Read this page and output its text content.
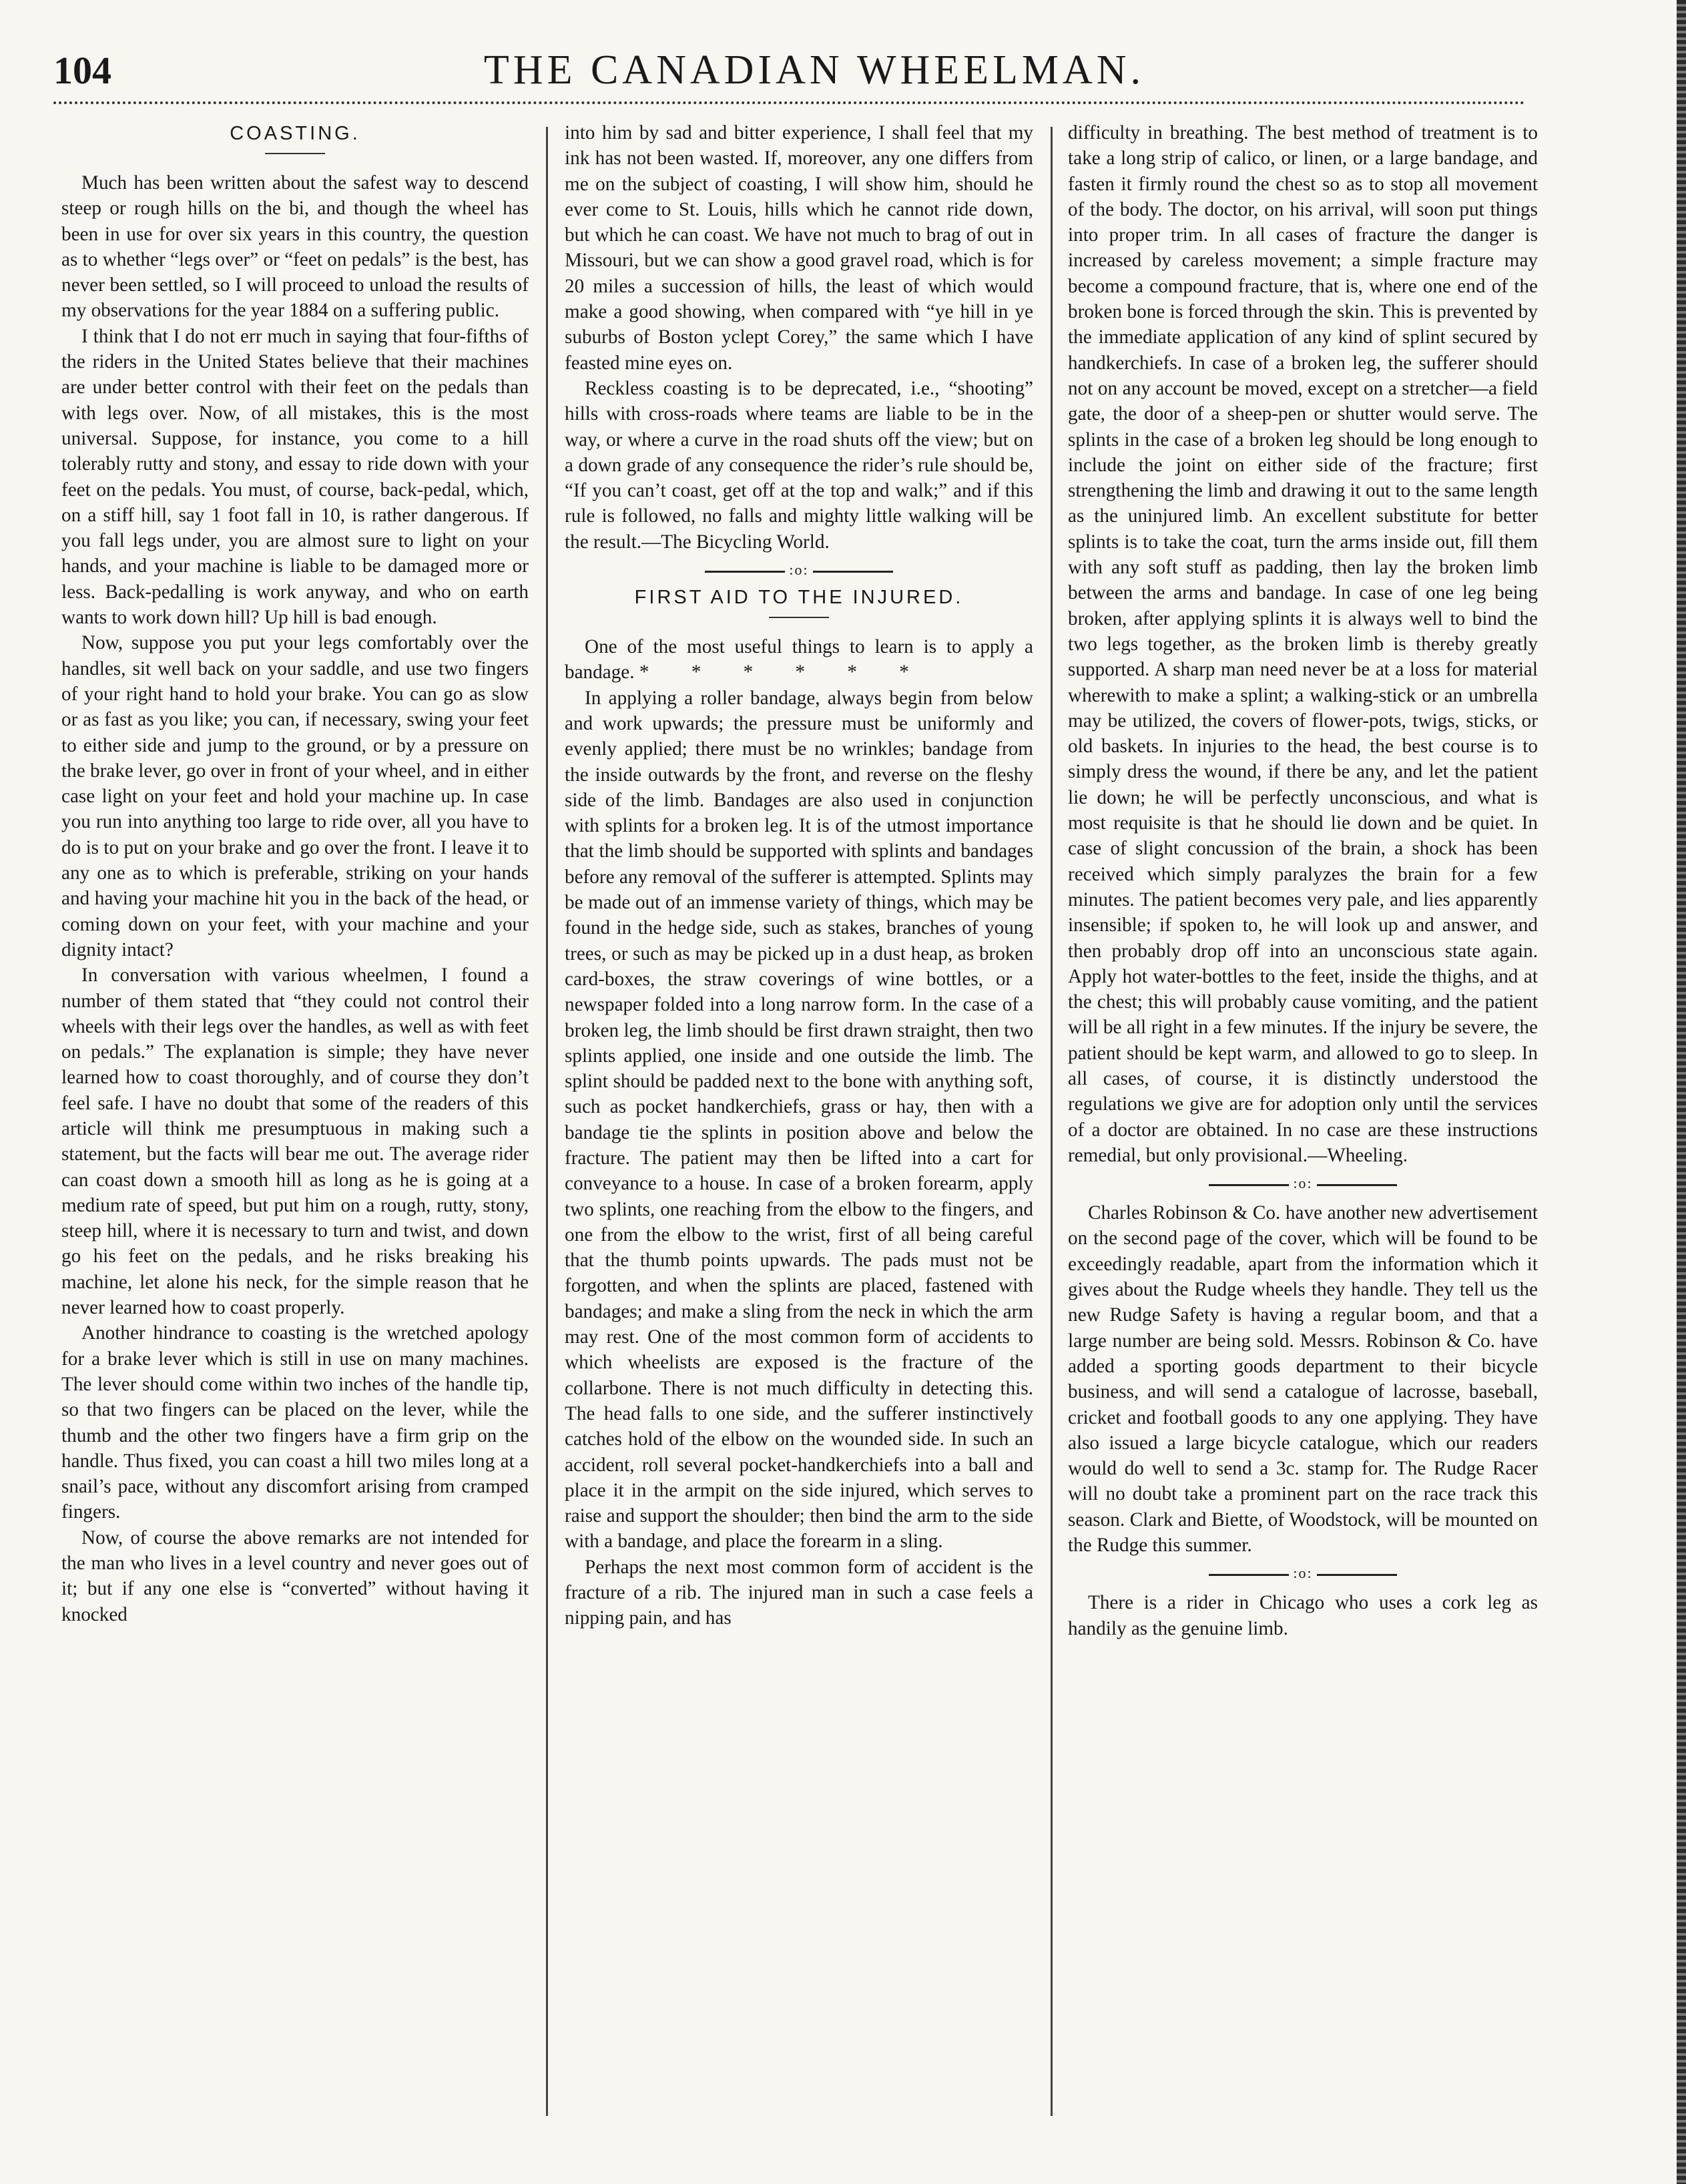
104	THE CANADIAN WHEELMAN.
COASTING.

Much has been written about the safest way to descend steep or rough hills on the bi, and though the wheel has been in use for over six years in this country, the question as to whether “legs over” or “feet on pedals” is the best, has never been settled, so I will proceed to unload the results of my observations for the year 1884 on a suffering public.

I think that I do not err much in saying that four-fifths of the riders in the United States believe that their machines are under better control with their feet on the pedals than with legs over. Now, of all mistakes, this is the most universal. Suppose, for instance, you come to a hill tolerably rutty and stony, and essay to ride down with your feet on the pedals. You must, of course, back-pedal, which, on a stiff hill, say 1 foot fall in 10, is rather dangerous. If you fall legs under, you are almost sure to light on your hands, and your machine is liable to be damaged more or less. Back-pedalling is work anyway, and who on earth wants to work down hill? Up hill is bad enough.

Now, suppose you put your legs comfortably over the handles, sit well back on your saddle, and use two fingers of your right hand to hold your brake. You can go as slow or as fast as you like; you can, if necessary, swing your feet to either side and jump to the ground, or by a pressure on the brake lever, go over in front of your wheel, and in either case light on your feet and hold your machine up. In case you run into anything too large to ride over, all you have to do is to put on your brake and go over the front. I leave it to any one as to which is preferable, striking on your hands and having your machine hit you in the back of the head, or coming down on your feet, with your machine and your dignity intact?

In conversation with various wheelmen, I found a number of them stated that “they could not control their wheels with their legs over the handles, as well as with feet on pedals.” The explanation is simple; they have never learned how to coast thoroughly, and of course they don’t feel safe. I have no doubt that some of the readers of this article will think me presumptuous in making such a statement, but the facts will bear me out. The average rider can coast down a smooth hill as long as he is going at a medium rate of speed, but put him on a rough, rutty, stony, steep hill, where it is necessary to turn and twist, and down go his feet on the pedals, and he risks breaking his machine, let alone his neck, for the simple reason that he never learned how to coast properly.

Another hindrance to coasting is the wretched apology for a brake lever which is still in use on many machines. The lever should come within two inches of the handle tip, so that two fingers can be placed on the lever, while the thumb and the other two fingers have a firm grip on the handle. Thus fixed, you can coast a hill two miles long at a snail’s pace, without any discomfort arising from cramped fingers.

Now, of course the above remarks are not intended for the man who lives in a level country and never goes out of it; but if any one else is “converted” without having it knocked

into him by sad and bitter experience, I shall feel that my ink has not been wasted. If, moreover, any one differs from me on the subject of coasting, I will show him, should he ever come to St. Louis, hills which he cannot ride down, but which he can coast. We have not much to brag of out in Missouri, but we can show a good gravel road, which is for 20 miles a succession of hills, the least of which would make a good showing, when compared with “ye hill in ye suburbs of Boston yclept Corey,” the same which I have feasted mine eyes on.

Reckless coasting is to be deprecated, i.e., “shooting” hills with cross-roads where teams are liable to be in the way, or where a curve in the road shuts off the view; but on a down grade of any consequence the rider’s rule should be, “If you can’t coast, get off at the top and walk;” and if this rule is followed, no falls and mighty little walking will be the result.—The Bicycling World.

:o:
FIRST AID TO THE INJURED.

One of the most useful things to learn is to apply a bandage. * * * * * *

In applying a roller bandage, always begin from below and work upwards; the pressure must be uniformly and evenly applied; there must be no wrinkles; bandage from the inside outwards by the front, and reverse on the fleshy side of the limb. Bandages are also used in conjunction with splints for a broken leg. It is of the utmost importance that the limb should be supported with splints and bandages before any removal of the sufferer is attempted. Splints may be made out of an immense variety of things, which may be found in the hedge side, such as stakes, branches of young trees, or such as may be picked up in a dust heap, as broken card-boxes, the straw coverings of wine bottles, or a newspaper folded into a long narrow form. In the case of a broken leg, the limb should be first drawn straight, then two splints applied, one inside and one outside the limb. The splint should be padded next to the bone with anything soft, such as pocket handkerchiefs, grass or hay, then with a bandage tie the splints in position above and below the fracture. The patient may then be lifted into a cart for conveyance to a house. In case of a broken forearm, apply two splints, one reaching from the elbow to the fingers, and one from the elbow to the wrist, first of all being careful that the thumb points upwards. The pads must not be forgotten, and when the splints are placed, fastened with bandages; and make a sling from the neck in which the arm may rest. One of the most common form of accidents to which wheelists are exposed is the fracture of the collarbone. There is not much difficulty in detecting this. The head falls to one side, and the sufferer instinctively catches hold of the elbow on the wounded side. In such an accident, roll several pocket-handkerchiefs into a ball and place it in the armpit on the side injured, which serves to raise and support the shoulder; then bind the arm to the side with a bandage, and place the forearm in a sling.

Perhaps the next most common form of accident is the fracture of a rib. The injured man in such a case feels a nipping pain, and has

difficulty in breathing. The best method of treatment is to take a long strip of calico, or linen, or a large bandage, and fasten it firmly round the chest so as to stop all movement of the body. The doctor, on his arrival, will soon put things into proper trim. In all cases of fracture the danger is increased by careless movement; a simple fracture may become a compound fracture, that is, where one end of the broken bone is forced through the skin. This is prevented by the immediate application of any kind of splint secured by handkerchiefs. In case of a broken leg, the sufferer should not on any account be moved, except on a stretcher—a field gate, the door of a sheep-pen or shutter would serve. The splints in the case of a broken leg should be long enough to include the joint on either side of the fracture; first strengthening the limb and drawing it out to the same length as the uninjured limb. An excellent substitute for better splints is to take the coat, turn the arms inside out, fill them with any soft stuff as padding, then lay the broken limb between the arms and bandage. In case of one leg being broken, after applying splints it is always well to bind the two legs together, as the broken limb is thereby greatly supported. A sharp man need never be at a loss for material wherewith to make a splint; a walking-stick or an umbrella may be utilized, the covers of flower-pots, twigs, sticks, or old baskets. In injuries to the head, the best course is to simply dress the wound, if there be any, and let the patient lie down; he will be perfectly unconscious, and what is most requisite is that he should lie down and be quiet. In case of slight concussion of the brain, a shock has been received which simply paralyzes the brain for a few minutes. The patient becomes very pale, and lies apparently insensible; if spoken to, he will look up and answer, and then probably drop off into an unconscious state again. Apply hot water-bottles to the feet, inside the thighs, and at the chest; this will probably cause vomiting, and the patient will be all right in a few minutes. If the injury be severe, the patient should be kept warm, and allowed to go to sleep. In all cases, of course, it is distinctly understood the regulations we give are for adoption only until the services of a doctor are obtained. In no case are these instructions remedial, but only provisional.—Wheeling.

:o:

Charles Robinson & Co. have another new advertisement on the second page of the cover, which will be found to be exceedingly readable, apart from the information which it gives about the Rudge wheels they handle. They tell us the new Rudge Safety is having a regular boom, and that a large number are being sold. Messrs. Robinson & Co. have added a sporting goods department to their bicycle business, and will send a catalogue of lacrosse, baseball, cricket and football goods to any one applying. They have also issued a large bicycle catalogue, which our readers would do well to send a 3c. stamp for. The Rudge Racer will no doubt take a prominent part on the race track this season. Clark and Biette, of Woodstock, will be mounted on the Rudge this summer.

:o:

There is a rider in Chicago who uses a cork leg as handily as the genuine limb.
